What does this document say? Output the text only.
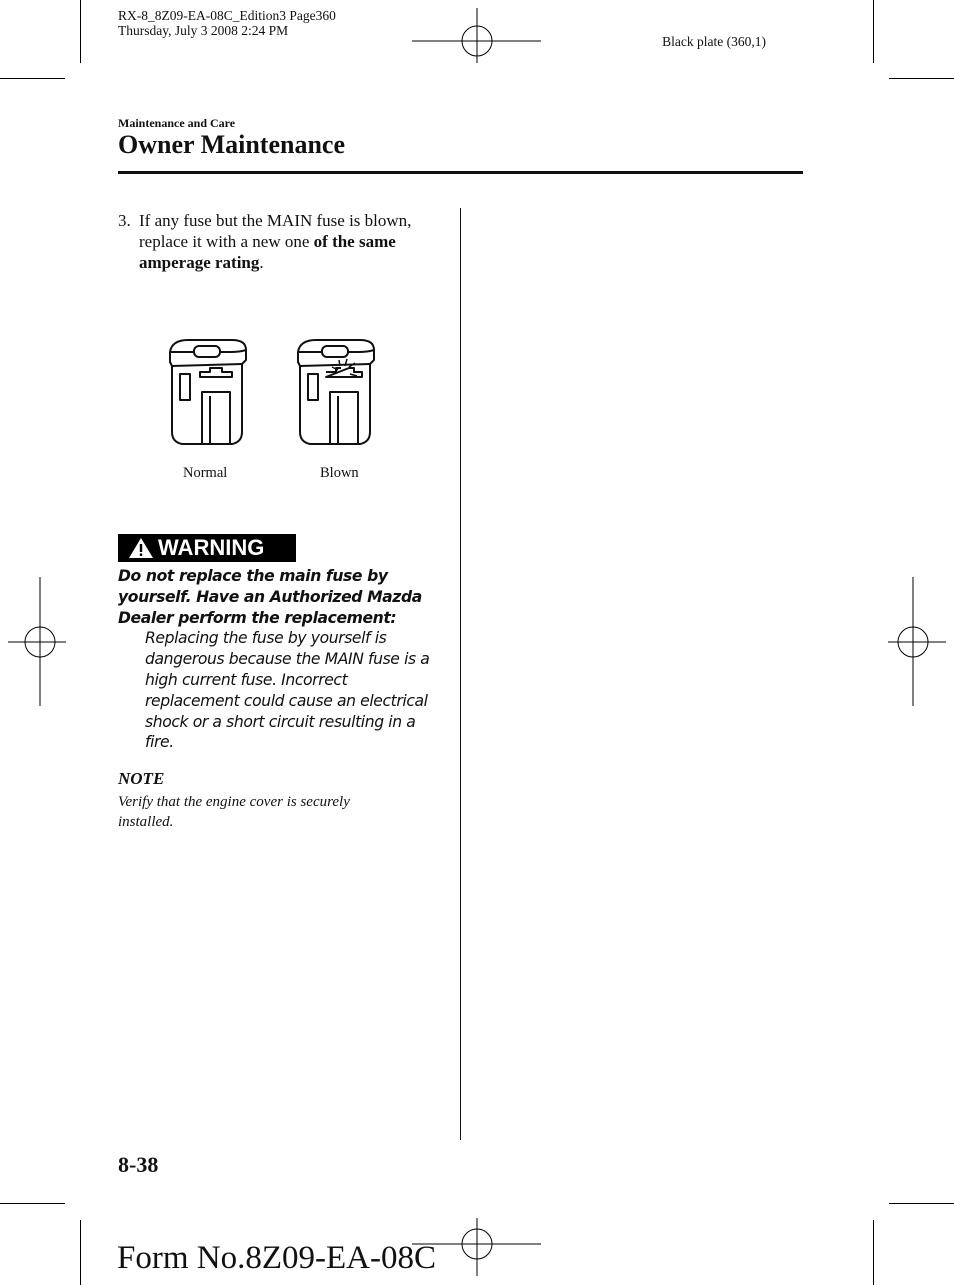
RX-8_8Z09-EA-08C_Edition3 Page360
Thursday, July 3 2008 2:24 PM
Black plate (360,1)
Maintenance and Care
Owner Maintenance
3. If any fuse but the MAIN fuse is blown, replace it with a new one of the same amperage rating.
Normal	Blown
WARNING
Do not replace the main fuse by yourself. Have an Authorized Mazda Dealer perform the replacement:
Replacing the fuse by yourself is dangerous because the MAIN fuse is a high current fuse. Incorrect replacement could cause an electrical shock or a short circuit resulting in a fire.
NOTE
Verify that the engine cover is securely installed.
8-38
Form No.8Z09-EA-08C
